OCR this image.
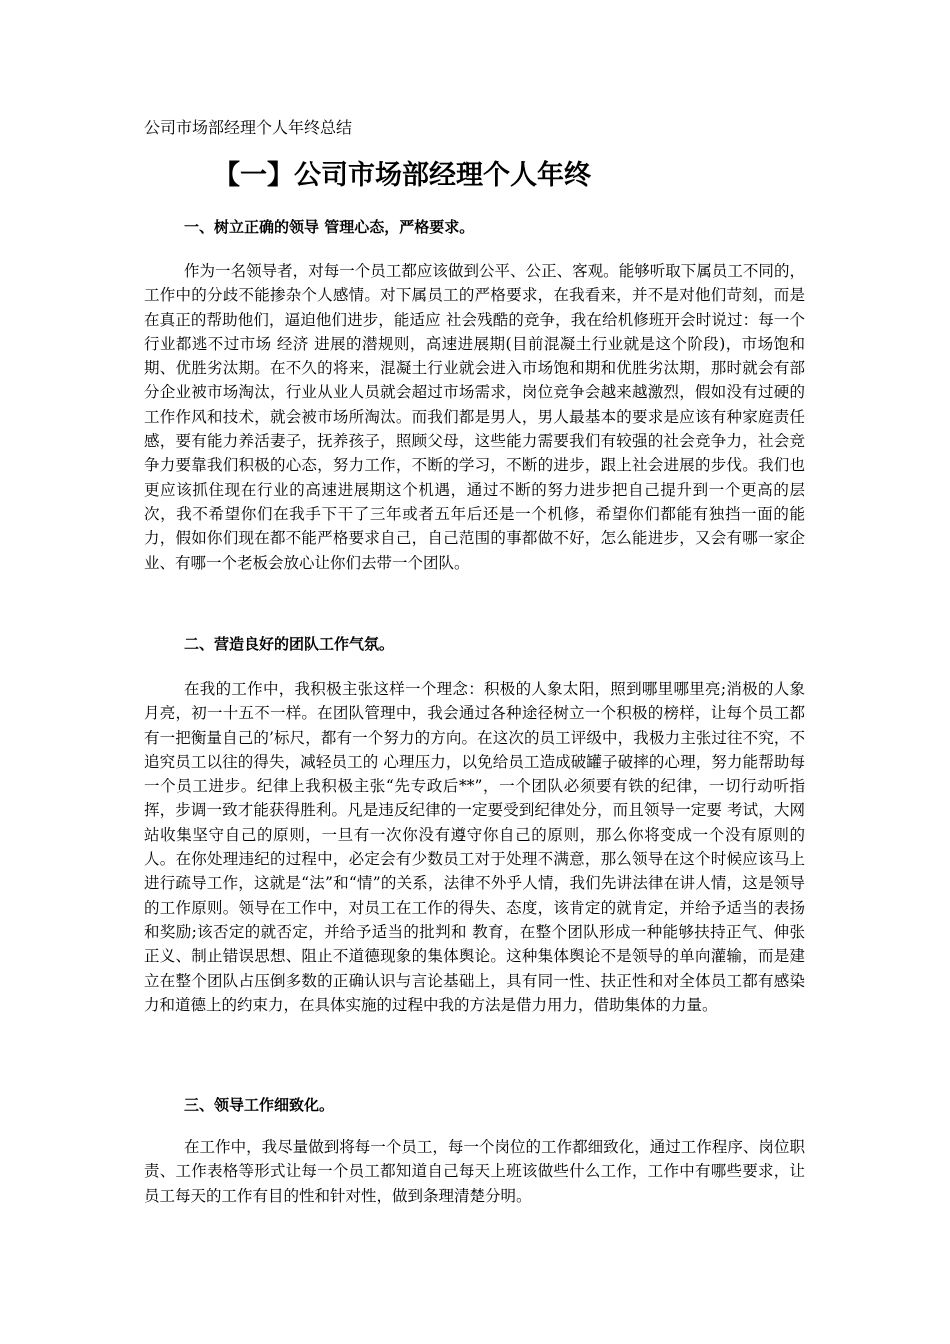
公司市场部经理个人年终总结
【一】公司市场部经理个人年终
一、树立正确的领导 管理心态，严格要求。

作为一名领导者，对每一个员工都应该做到公平、公正、客观。能够听取下属员工不同的， 工作中的分歧不能掺杂个人感情。对下属员工的严格要求，在我看来，并不是对他们苛刻，而是在真正的帮助他们，逼迫他们进步，能适应 社会残酷的竞争，我在给机修班开会时说过：每一个行业都逃不过市场 经济 进展的潜规则，高速进展期(目前混凝土行业就是这个阶段)，市场饱和期、优胜劣汰期。在不久的将来，混凝土行业就会进入市场饱和期和优胜劣汰期，那时就会有部分企业被市场淘汰，行业从业人员就会超过市场需求，岗位竞争会越来越激烈，假如没有过硬的工作作风和技术，就会被市场所淘汰。而我们都是男人，男人最基本的要求是应该有种家庭责任感，要有能力养活妻子，抚养孩子，照顾父母，这些能力需要我们有较强的社会竞争力，社会竞争力要靠我们积极的心态，努力工作，不断的学习，不断的进步，跟上社会进展的步伐。我们也更应该抓住现在行业的高速进展期这个机遇，通过不断的努力进步把自己提升到一个更高的层次，我不希望你们在我手下干了三年或者五年后还是一个机修，希望你们都能有独挡一面的能力，假如你们现在都不能严格要求自己，自己范围的事都做不好，怎么能进步，又会有哪一家企业、有哪一个老板会放心让你们去带一个团队。

二、营造良好的团队工作气氛。

在我的工作中，我积极主张这样一个理念：积极的人象太阳，照到哪里哪里亮;消极的人象月亮，初一十五不一样。在团队管理中，我会通过各种途径树立一个积极的榜样，让每个员工都有一把衡量自己的’标尺，都有一个努力的方向。在这次的员工评级中，我极力主张过往不究，不追究员工以往的得失，减轻员工的 心理压力，以免给员工造成破罐子破摔的心理，努力能帮助每一个员工进步。纪律上我积极主张“先专政后**”，一个团队必须要有铁的纪律，一切行动听指挥，步调一致才能获得胜利。凡是违反纪律的一定要受到纪律处分，而且领导一定要 考试，大网站收集坚守自己的原则，一旦有一次你没有遵守你自己的原则，那么你将变成一个没有原则的人。在你处理违纪的过程中，必定会有少数员工对于处理不满意，那么领导在这个时候应该马上进行疏导工作，这就是“法”和“情”的关系，法律不外乎人情，我们先讲法律在讲人情，这是领导的工作原则。领导在工作中，对员工在工作的得失、态度，该肯定的就肯定，并给予适当的表扬和奖励;该否定的就否定，并给予适当的批判和 教育，在整个团队形成一种能够扶持正气、伸张正义、制止错误思想、阻止不道德现象的集体舆论。这种集体舆论不是领导的单向灌输，而是建立在整个团队占压倒多数的正确认识与言论基础上，具有同一性、扶正性和对全体员工都有感染力和道德上的约束力，在具体实施的过程中我的方法是借力用力，借助集体的力量。

三、领导工作细致化。

在工作中，我尽量做到将每一个员工，每一个岗位的工作都细致化，通过工作程序、岗位职责、工作表格等形式让每一个员工都知道自己每天上班该做些什么工作，工作中有哪些要求，让员工每天的工作有目的性和针对性，做到条理清楚分明。
